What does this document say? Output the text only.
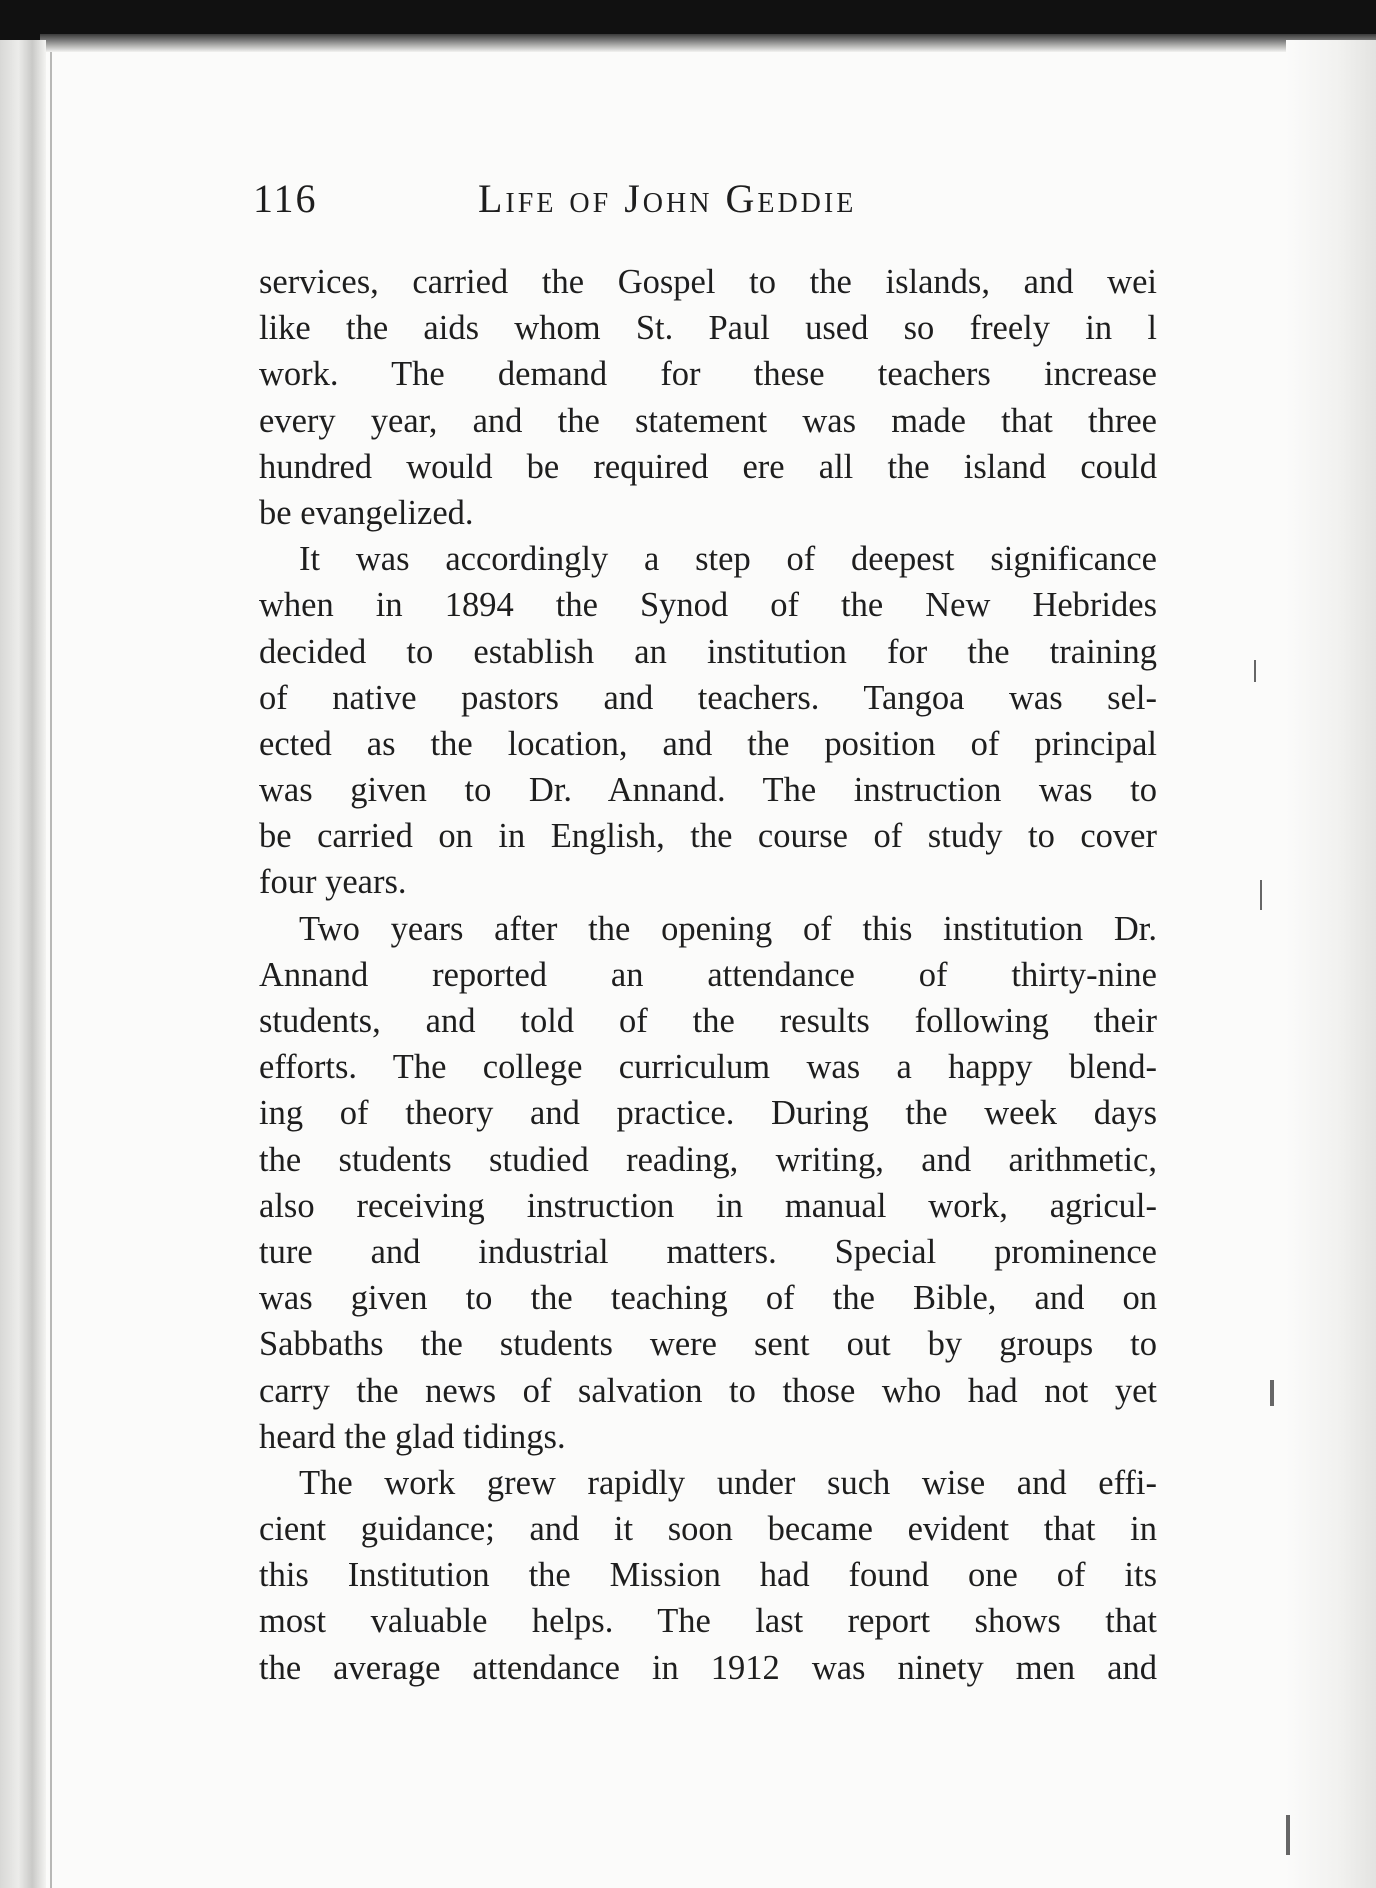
116	Life of John Geddie
services, carried the Gospel to the islands, and wei
like the aids whom St. Paul used so freely in l
work. The demand for these teachers increase
every year, and the statement was made that three
hundred would be required ere all the island could
be evangelized.
It was accordingly a step of deepest significance
when in 1894 the Synod of the New Hebrides
decided to establish an institution for the training
of native pastors and teachers. Tangoa was sel-
ected as the location, and the position of principal
was given to Dr. Annand. The instruction was to
be carried on in English, the course of study to cover
four years.
Two years after the opening of this institution Dr.
Annand reported an attendance of thirty-nine
students, and told of the results following their
efforts. The college curriculum was a happy blend-
ing of theory and practice. During the week days
the students studied reading, writing, and arithmetic,
also receiving instruction in manual work, agricul-
ture and industrial matters. Special prominence
was given to the teaching of the Bible, and on
Sabbaths the students were sent out by groups to
carry the news of salvation to those who had not yet
heard the glad tidings.
The work grew rapidly under such wise and effi-
cient guidance; and it soon became evident that in
this Institution the Mission had found one of its
most valuable helps. The last report shows that
the average attendance in 1912 was ninety men and
